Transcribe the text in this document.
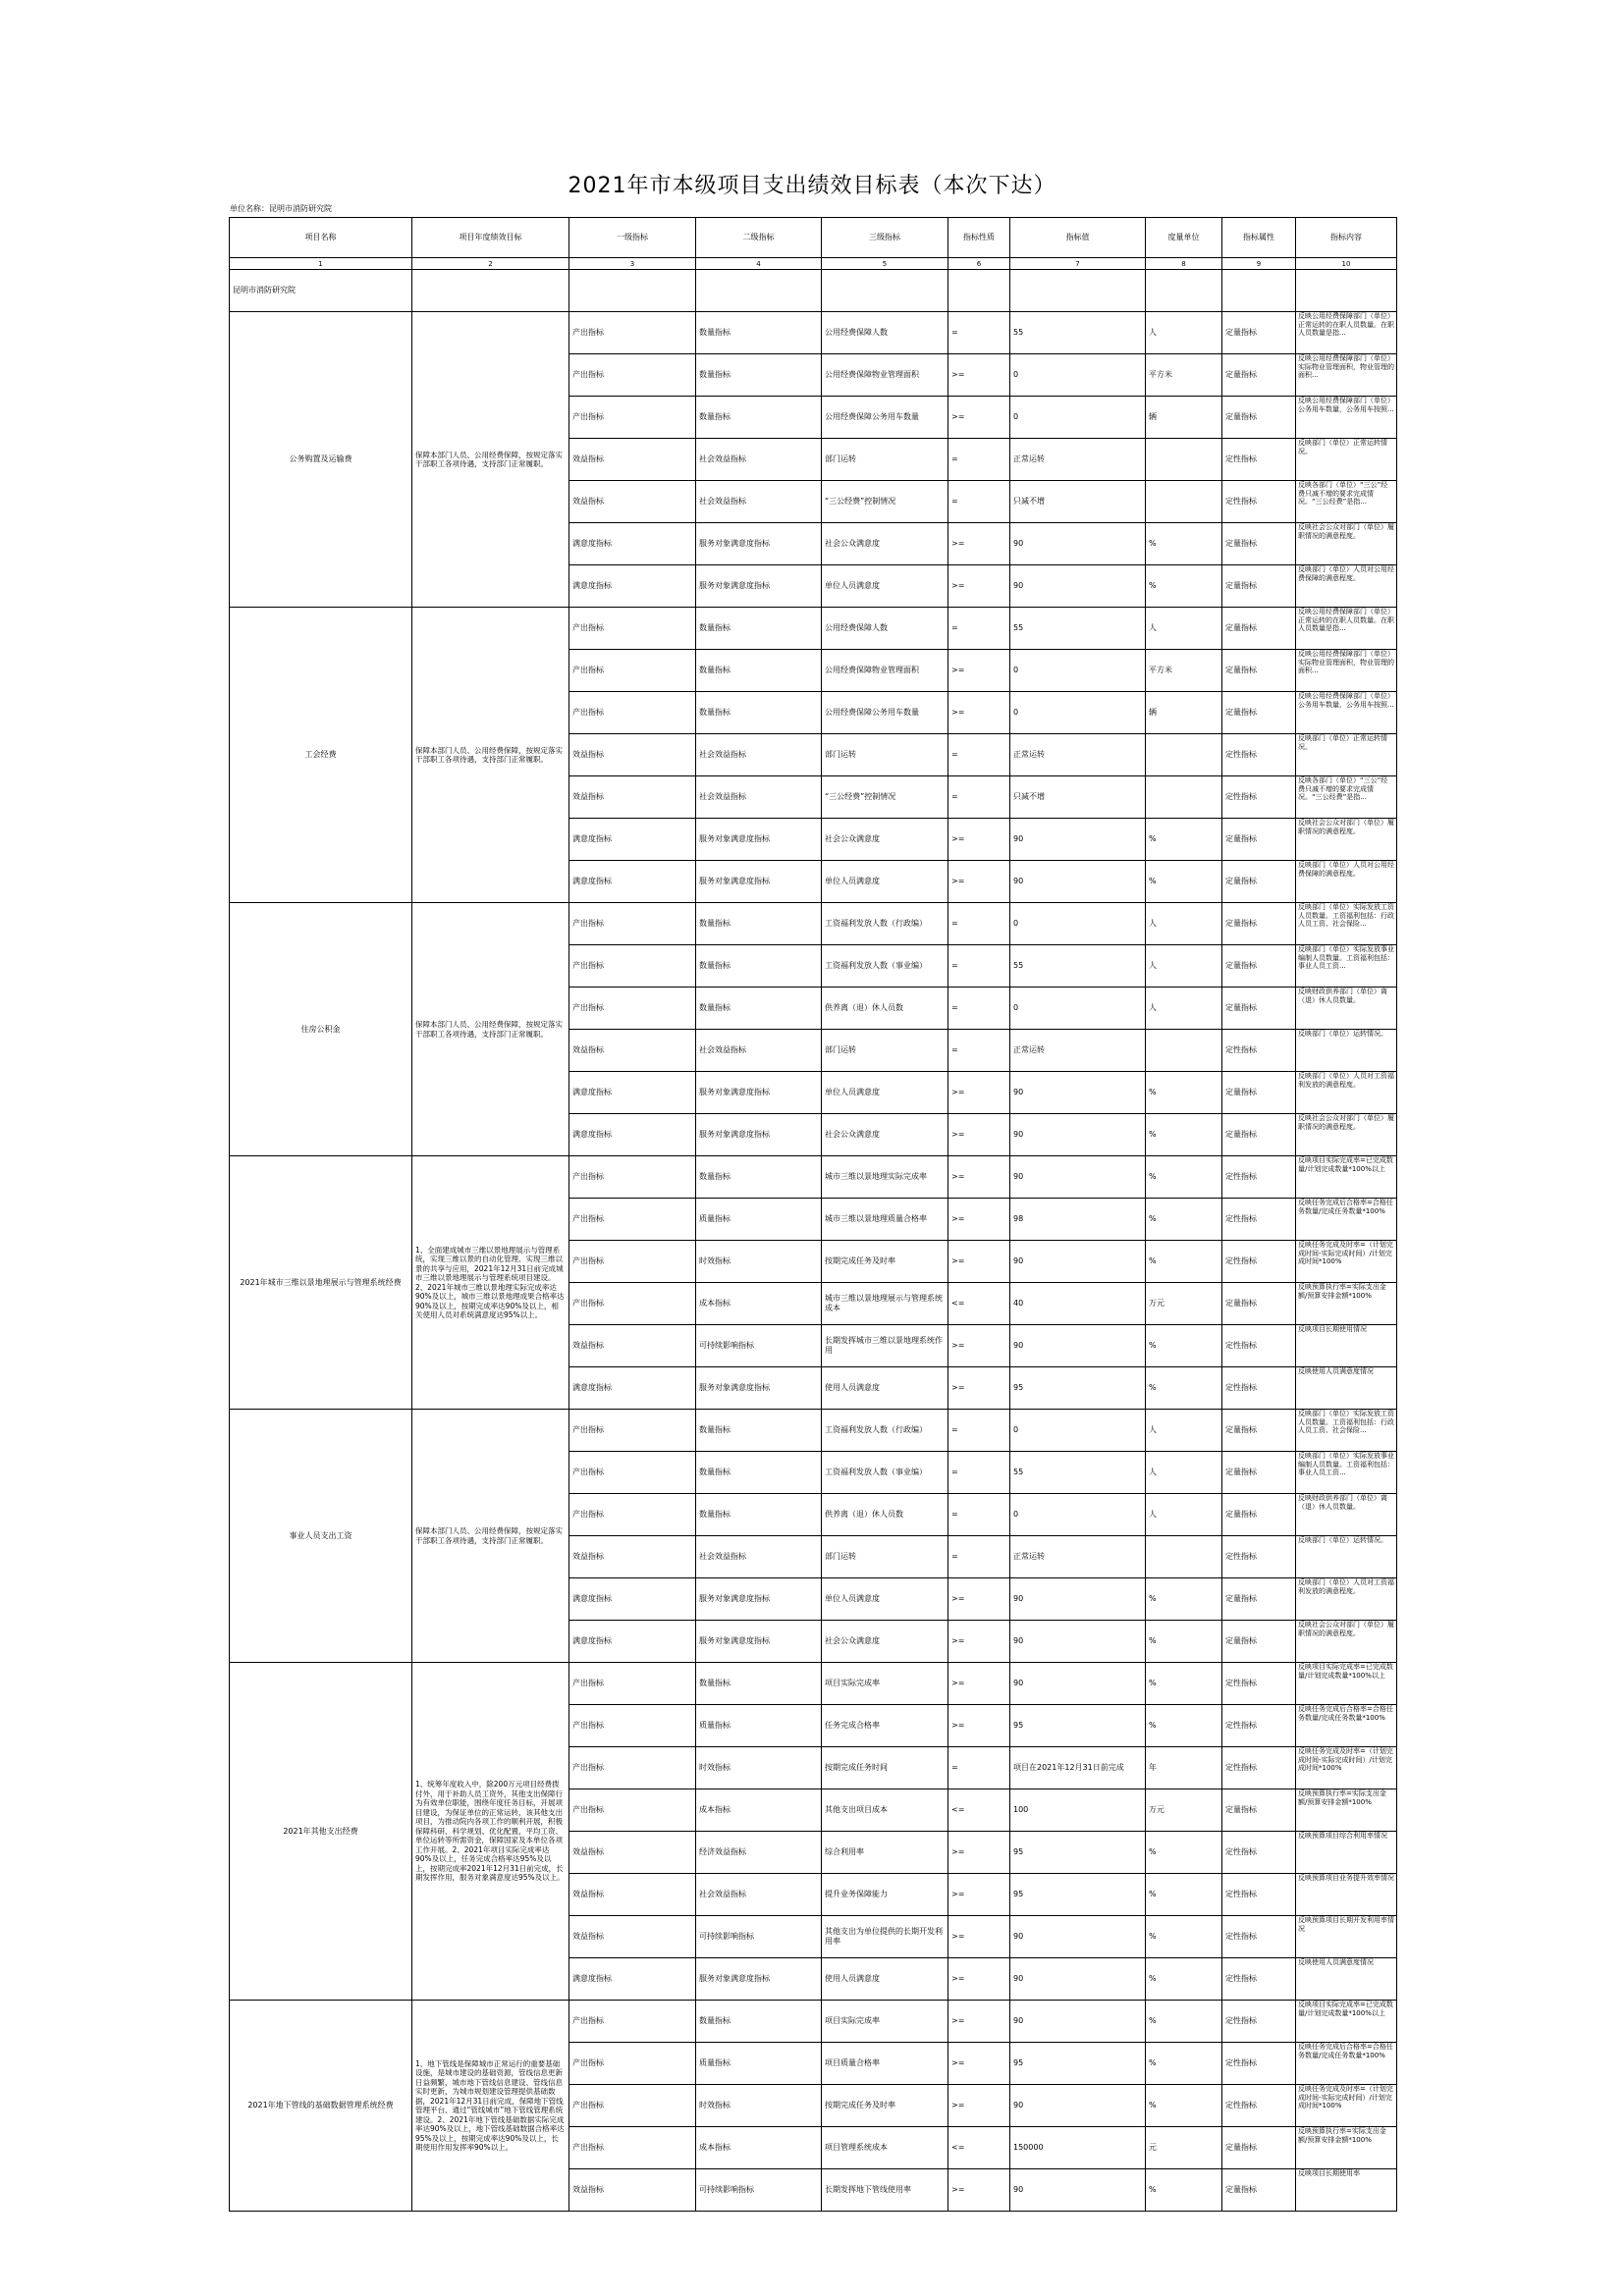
2021年市本级项目支出绩效目标表（本次下达）
单位名称：昆明市消防研究院
项目名称	项目年度绩效目标	一级指标	二级指标	三级指标	指标性质	指标值	度量单位	指标属性	指标内容
1	2	3	4	5	6	7	8	9	10
昆明市消防研究院									
公务购置及运输费	保障本部门人员、公用经费保障，按规定落实干部职工各项待遇，支持部门正常履职。	产出指标	数量指标	公用经费保障人数	=	55	人	定量指标	反映公用经费保障部门（单位）正常运转的在职人员数量。在职人员数量是指...

		产出指标	数量指标	公用经费保障物业管理面积	>=	0	平方米	定量指标	反映公用经费保障部门（单位）实际物业管理面积，物业管理的面积...

		产出指标	数量指标	公用经费保障公务用车数量	>=	0	辆	定量指标	反映公用经费保障部门（单位）公务用车数量，公务用车按照...

		效益指标	社会效益指标	部门运转	=	正常运转		定性指标	反映部门（单位）正常运转情况。

		效益指标	社会效益指标	“三公经费”控制情况	=	只减不增		定性指标	反映各部门（单位）“三公”经费只减不增的要求完成情况。“三公经费”是指...

		满意度指标	服务对象满意度指标	社会公众满意度	>=	90	%	定量指标	反映社会公众对部门（单位）履职情况的满意程度。

		满意度指标	服务对象满意度指标	单位人员满意度	>=	90	%	定量指标	反映部门（单位）人员对公用经费保障的满意程度。

工会经费	保障本部门人员、公用经费保障，按规定落实干部职工各项待遇，支持部门正常履职。	产出指标	数量指标	公用经费保障人数	=	55	人	定量指标	反映公用经费保障部门（单位）正常运转的在职人员数量。在职人员数量是指...

		产出指标	数量指标	公用经费保障物业管理面积	>=	0	平方米	定量指标	反映公用经费保障部门（单位）实际物业管理面积，物业管理的面积...

		产出指标	数量指标	公用经费保障公务用车数量	>=	0	辆	定量指标	反映公用经费保障部门（单位）公务用车数量，公务用车按照...

		效益指标	社会效益指标	部门运转	=	正常运转		定性指标	反映部门（单位）正常运转情况。

		效益指标	社会效益指标	“三公经费”控制情况	=	只减不增		定性指标	反映各部门（单位）“三公”经费只减不增的要求完成情况。“三公经费”是指...

		满意度指标	服务对象满意度指标	社会公众满意度	>=	90	%	定量指标	反映社会公众对部门（单位）履职情况的满意程度。

		满意度指标	服务对象满意度指标	单位人员满意度	>=	90	%	定量指标	反映部门（单位）人员对公用经费保障的满意程度。

住房公积金	保障本部门人员、公用经费保障，按规定落实干部职工各项待遇，支持部门正常履职。	产出指标	数量指标	工资福利发放人数（行政编）	=	0	人	定量指标	反映部门（单位）实际发放工资人员数量。工资福利包括：行政人员工资、社会保险...

		产出指标	数量指标	工资福利发放人数（事业编）	=	55	人	定量指标	反映部门（单位）实际发放事业编制人员数量。工资福利包括：事业人员工资...

		产出指标	数量指标	供养离（退）休人员数	=	0	人	定量指标	反映财政供养部门（单位）离（退）休人员数量。

		效益指标	社会效益指标	部门运转	=	正常运转		定性指标	反映部门（单位）运转情况。

		满意度指标	服务对象满意度指标	单位人员满意度	>=	90	%	定量指标	反映部门（单位）人员对工资福利发放的满意程度。

		满意度指标	服务对象满意度指标	社会公众满意度	>=	90	%	定量指标	反映社会公众对部门（单位）履职情况的满意程度。

2021年城市三维以景地理展示与管理系统经费	1、全面建成城市三维以景地理展示与管理系统，实现三维以景的自动化管理、实现三维以景的共享与应用，2021年12月31日前完成城市三维以景地理展示与管理系统项目建设。2、2021年城市三维以景地理实际完成率达90%及以上，城市三维以景地理成果合格率达90%及以上，按期完成率达90%及以上，相关使用人员对系统满意度达95%以上。	产出指标	数量指标	城市三维以景地理实际完成率	>=	90	%	定性指标	反映项目实际完成率=已完成数量/计划完成数量*100%以上

		产出指标	质量指标	城市三维以景地理质量合格率	>=	98	%	定性指标	反映任务完成后合格率=合格任务数量/完成任务数量*100%

		产出指标	时效指标	按期完成任务及时率	>=	90	%	定性指标	反映任务完成及时率=（计划完成时间-实际完成时间）/计划完成时间*100%

		产出指标	成本指标	城市三维以景地理展示与管理系统成本	<=	40	万元	定量指标	反映预算执行率=实际支出金额/预算安排金额*100%

		效益指标	可持续影响指标	长期发挥城市三维以景地理系统作用	>=	90	%	定性指标	反映项目长期使用情况

		满意度指标	服务对象满意度指标	使用人员满意度	>=	95	%	定性指标	反映使用人员满意度情况

事业人员支出工资	保障本部门人员、公用经费保障，按规定落实干部职工各项待遇，支持部门正常履职。	产出指标	数量指标	工资福利发放人数（行政编）	=	0	人	定量指标	反映部门（单位）实际发放工资人员数量。工资福利包括：行政人员工资、社会保险...

		产出指标	数量指标	工资福利发放人数（事业编）	=	55	人	定量指标	反映部门（单位）实际发放事业编制人员数量。工资福利包括：事业人员工资...

		产出指标	数量指标	供养离（退）休人员数	=	0	人	定量指标	反映财政供养部门（单位）离（退）休人员数量。

		效益指标	社会效益指标	部门运转	=	正常运转		定性指标	反映部门（单位）运转情况。

		满意度指标	服务对象满意度指标	单位人员满意度	>=	90	%	定量指标	反映部门（单位）人员对工资福利发放的满意程度。

		满意度指标	服务对象满意度指标	社会公众满意度	>=	90	%	定量指标	反映社会公众对部门（单位）履职情况的满意程度。

2021年其他支出经费	1、统筹年度收入中，除200万元项目经费拨付外，用于补助人员工资外，其他支出保障行为有效单位职能，围绕年度任务目标，开展项目建设，为保证单位的正常运转，该其他支出项目，为推动院内各项工作的顺利开展，积极保障科研、科学规划、优化配置，平均工资、单位运转等所需资金，保障国家及本单位各项工作开展。2、2021年项目实际完成率达90%及以上，任务完成合格率达95%及以上，按期完成率2021年12月31日前完成，长期发挥作用，服务对象满意度达95%及以上。	产出指标	数量指标	项目实际完成率	>=	90	%	定性指标	反映项目实际完成率=已完成数量/计划完成数量*100%以上

		产出指标	质量指标	任务完成合格率	>=	95	%	定性指标	反映任务完成后合格率=合格任务数量/完成任务数量*100%

		产出指标	时效指标	按期完成任务时间	=	项目在2021年12月31日前完成	年	定性指标	反映任务完成及时率=（计划完成时间-实际完成时间）/计划完成时间*100%

		产出指标	成本指标	其他支出项目成本	<=	100	万元	定量指标	反映预算执行率=实际支出金额/预算安排金额*100%

		效益指标	经济效益指标	综合利用率	>=	95	%	定性指标	反映预算项目综合利用率情况

		效益指标	社会效益指标	提升业务保障能力	>=	95	%	定性指标	反映预算项目业务提升效率情况

		效益指标	可持续影响指标	其他支出为单位提供的长期开发利用率	>=	90	%	定性指标	反映预算项目长期开发利用率情况

		满意度指标	服务对象满意度指标	使用人员满意度	>=	90	%	定性指标	反映使用人员满意度情况

2021年地下管线的基础数据管理系统经费	1、地下管线是保障城市正常运行的重要基础设施，是城市建设的基础资源，管线信息更新日益频繁，城市地下管线信息建设、管线信息实时更新，为城市规划建设管理提供基础数据，2021年12月31日前完成，保障地下管线管理平台、通过“管线城市”地下管线管理系统建设。2、2021年地下管线基础数据实际完成率达90%及以上，地下管线基础数据合格率达95%及以上，按期完成率达90%及以上，长期使用作用发挥率90%以上。	产出指标	数量指标	项目实际完成率	>=	90	%	定性指标	反映项目实际完成率=已完成数量/计划完成数量*100%以上

		产出指标	质量指标	项目质量合格率	>=	95	%	定性指标	反映任务完成后合格率=合格任务数量/完成任务数量*100%

		产出指标	时效指标	按期完成任务及时率	>=	90	%	定性指标	反映任务完成及时率=（计划完成时间-实际完成时间）/计划完成时间*100%

		产出指标	成本指标	项目管理系统成本	<=	150000	元	定量指标	反映预算执行率=实际支出金额/预算安排金额*100%

		效益指标	可持续影响指标	长期发挥地下管线使用率	>=	90	%	定量指标	反映项目长期使用率
